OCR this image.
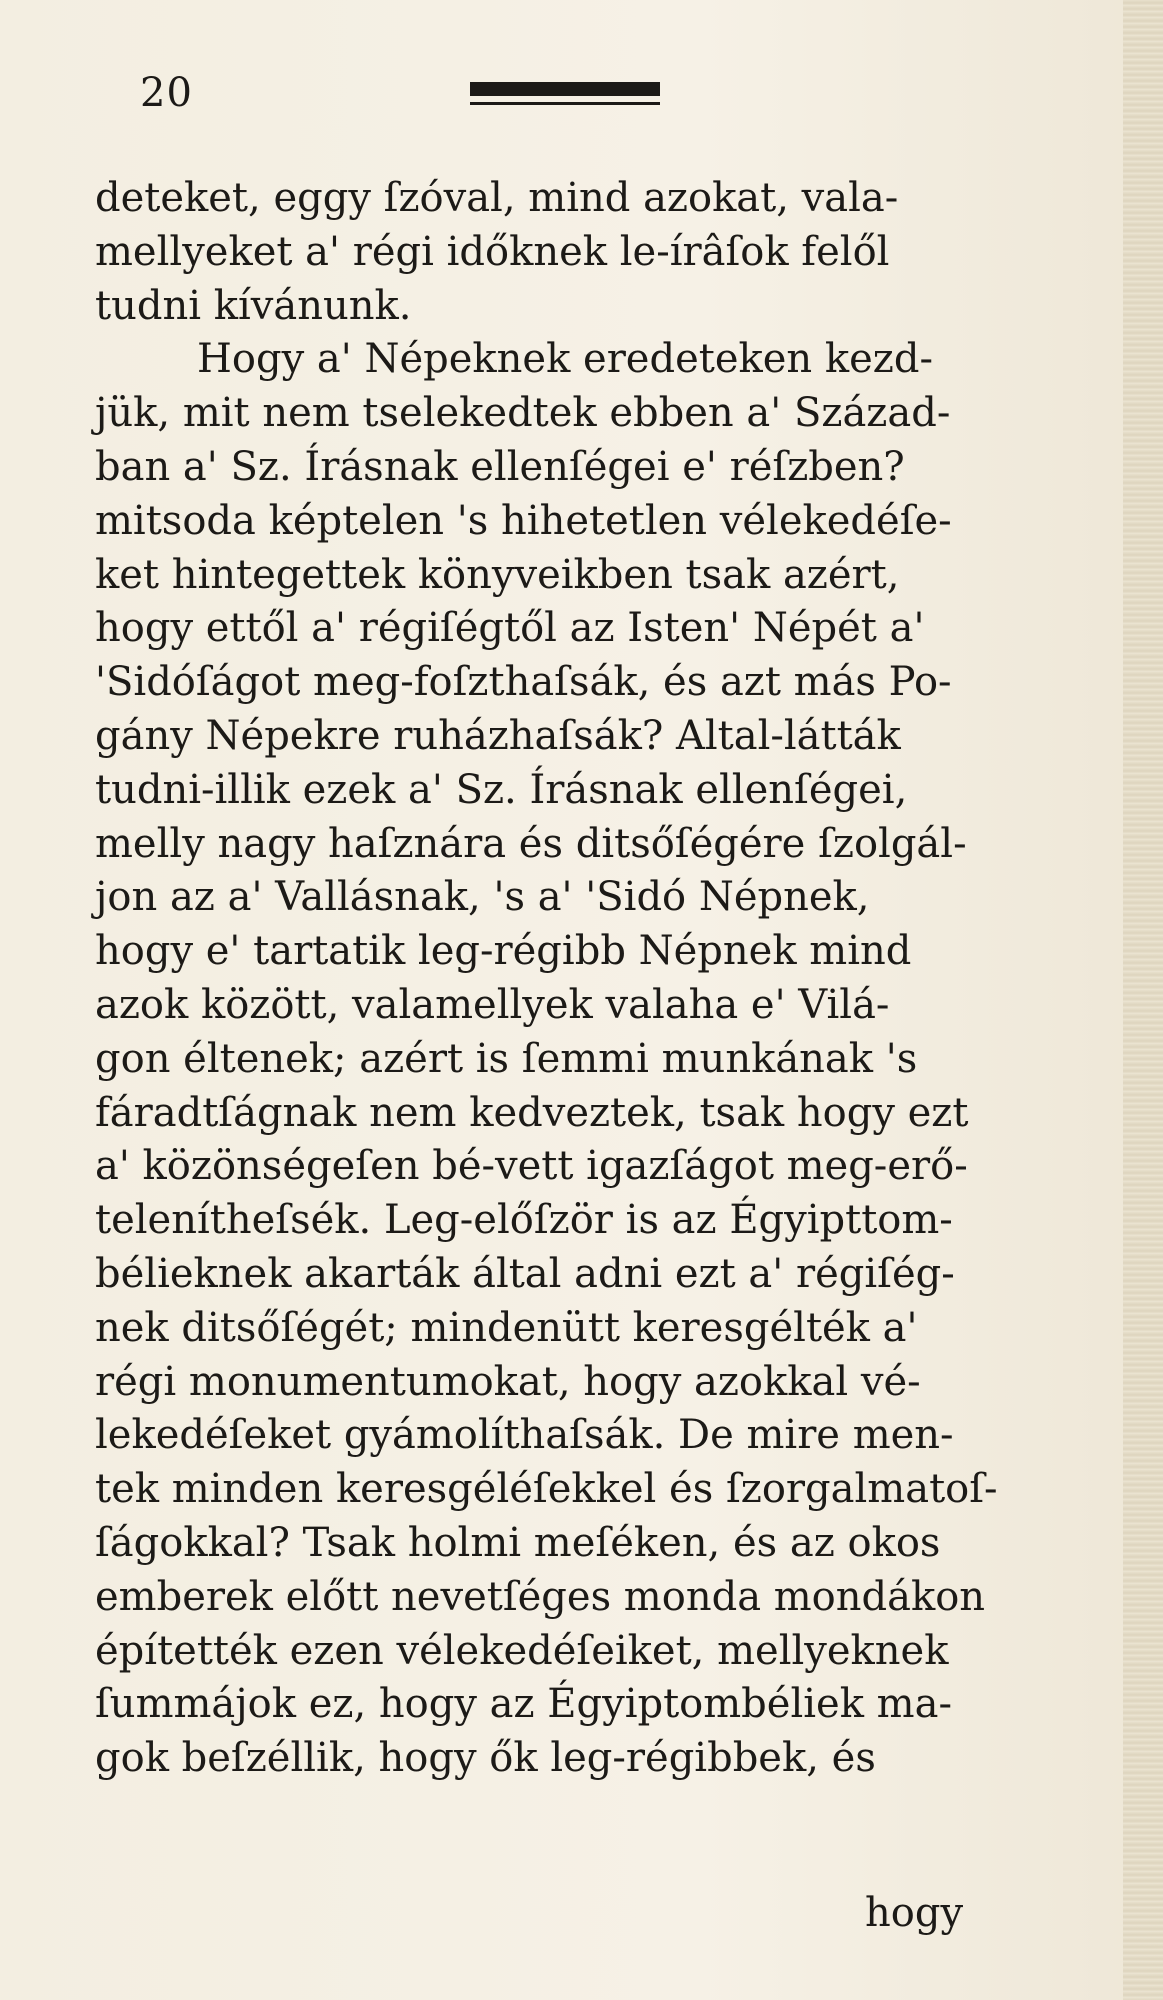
20
deteket, eggy ſzóval, mind azokat, vala-
mellyeket a' régi időknek le-írâſok felől
tudni kívánunk.
Hogy a' Népeknek eredeteken kezd-
jük, mit nem tselekedtek ebben a' Század-
ban a' Sz. Írásnak ellenſégei e' réſzben?
mitsoda képtelen 's hihetetlen vélekedéſe-
ket hintegettek könyveikben tsak azért,
hogy ettől a' régiſégtől az Isten' Népét a'
'Sidóſágot meg-foſzthaſsák, és azt más Po-
gány Népekre ruházhaſsák? Altal-látták
tudni-illik ezek a' Sz. Írásnak ellenſégei,
melly nagy haſznára és ditsőſégére ſzolgál-
jon az a' Vallásnak, 's a' 'Sidó Népnek,
hogy e' tartatik leg-régibb Népnek mind
azok között, valamellyek valaha e' Vilá-
gon éltenek; azért is ſemmi munkának 's
fáradtſágnak nem kedveztek, tsak hogy ezt
a' közönségeſen bé-vett igazſágot meg-erő-
telenítheſsék. Leg-előſzör is az Égyipttom-
bélieknek akarták által adni ezt a' régiſég-
nek ditsőſégét; mindenütt keresgélték a'
régi monumentumokat, hogy azokkal vé-
lekedéſeket gyámolíthaſsák. De mire men-
tek minden keresgéléſekkel és ſzorgalmatoſ-
ſágokkal? Tsak holmi meſéken, és az okos
emberek előtt nevetſéges monda mondákon
építették ezen vélekedéſeiket, mellyeknek
ſummájok ez, hogy az Égyiptombéliek ma-
gok beſzéllik, hogy ők leg-régibbek, és
hogy
